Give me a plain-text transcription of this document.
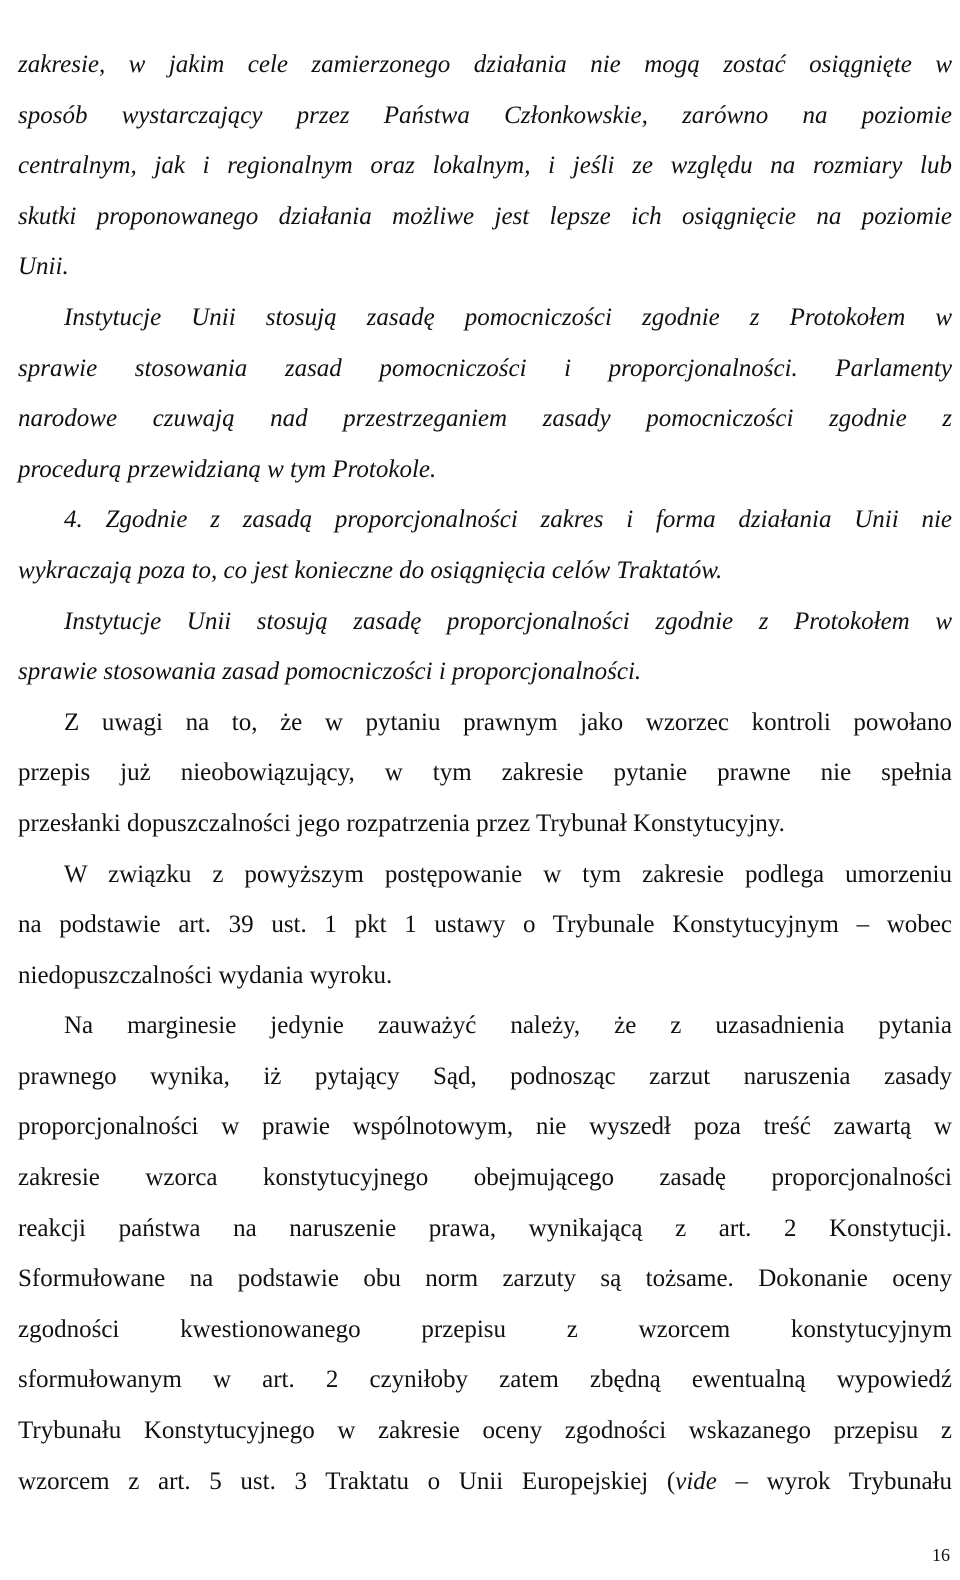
zakresie, w jakim cele zamierzonego działania nie mogą zostać osiągnięte w
sposób wystarczający przez Państwa Członkowskie, zarówno na poziomie
centralnym, jak i regionalnym oraz lokalnym, i jeśli ze względu na rozmiary lub
skutki proponowanego działania możliwe jest lepsze ich osiągnięcie na poziomie
Unii.
Instytucje Unii stosują zasadę pomocniczości zgodnie z Protokołem w
sprawie stosowania zasad pomocniczości i proporcjonalności. Parlamenty
narodowe czuwają nad przestrzeganiem zasady pomocniczości zgodnie z
procedurą przewidzianą w tym Protokole.
4. Zgodnie z zasadą proporcjonalności zakres i forma działania Unii nie
wykraczają poza to, co jest konieczne do osiągnięcia celów Traktatów.
Instytucje Unii stosują zasadę proporcjonalności zgodnie z Protokołem w
sprawie stosowania zasad pomocniczości i proporcjonalności.
Z uwagi na to, że w pytaniu prawnym jako wzorzec kontroli powołano
przepis już nieobowiązujący, w tym zakresie pytanie prawne nie spełnia
przesłanki dopuszczalności jego rozpatrzenia przez Trybunał Konstytucyjny.
W związku z powyższym postępowanie w tym zakresie podlega umorzeniu
na podstawie art. 39 ust. 1 pkt 1 ustawy o Trybunale Konstytucyjnym – wobec
niedopuszczalności wydania wyroku.
Na marginesie jedynie zauważyć należy, że z uzasadnienia pytania
prawnego wynika, iż pytający Sąd, podnosząc zarzut naruszenia zasady
proporcjonalności w prawie wspólnotowym, nie wyszedł poza treść zawartą w
zakresie wzorca konstytucyjnego obejmującego zasadę proporcjonalności
reakcji państwa na naruszenie prawa, wynikającą z art. 2 Konstytucji.
Sformułowane na podstawie obu norm zarzuty są tożsame. Dokonanie oceny
zgodności kwestionowanego przepisu z wzorcem konstytucyjnym
sformułowanym w art. 2 czyniłoby zatem zbędną ewentualną wypowiedź
Trybunału Konstytucyjnego w zakresie oceny zgodności wskazanego przepisu z
wzorcem z art. 5 ust. 3 Traktatu o Unii Europejskiej (vide – wyrok Trybunału
16
